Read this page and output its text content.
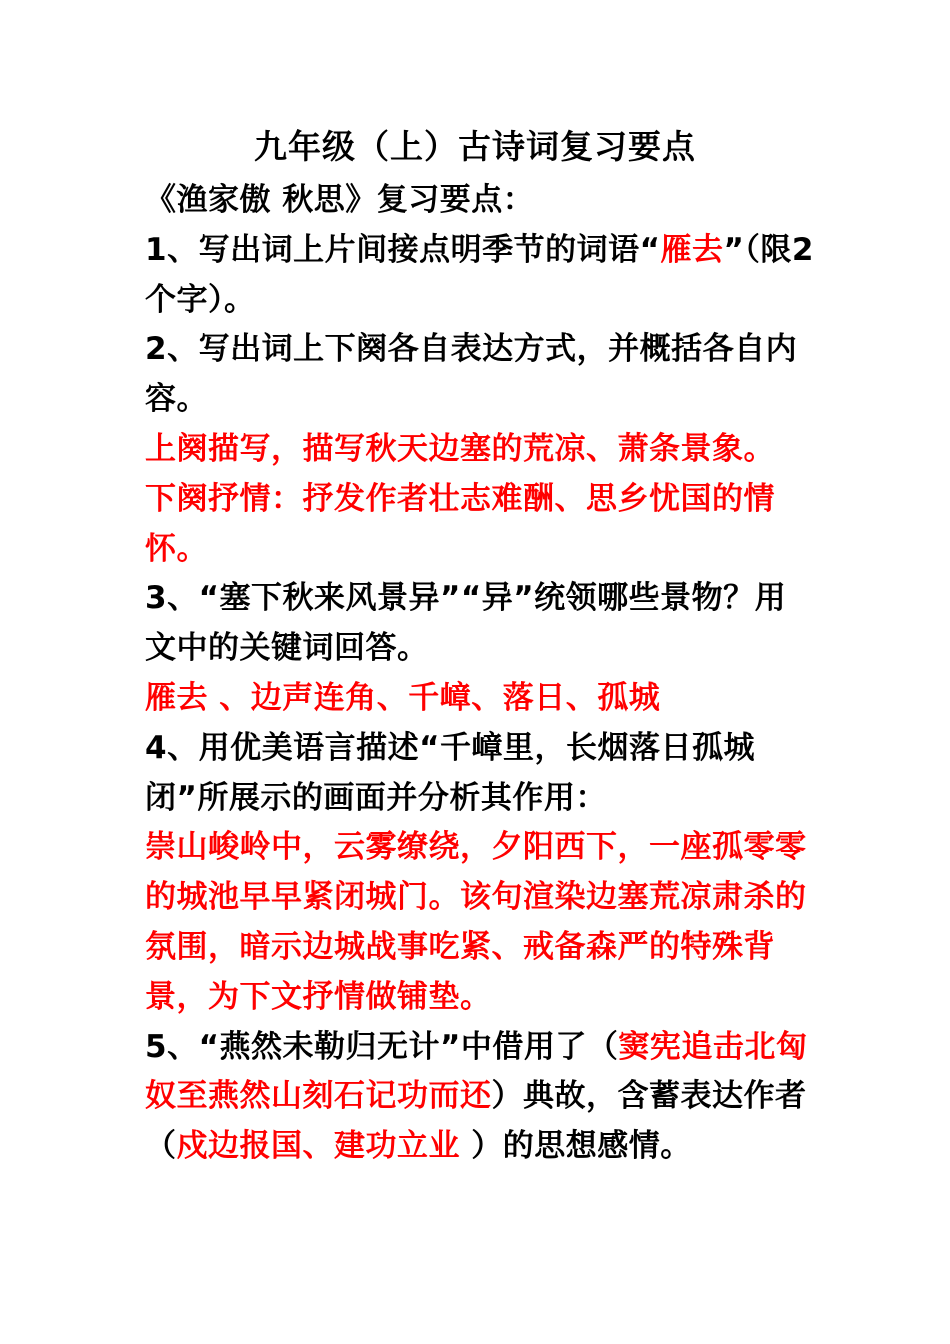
九年级（上）古诗词复习要点

《渔家傲 秋思》复习要点：

1、写出词上片间接点明季节的词语“雁去”（限2个字）。

2、写出词上下阕各自表达方式，并概括各自内容。

上阕描写，描写秋天边塞的荒凉、萧条景象。

下阕抒情：抒发作者壮志难酬、思乡忧国的情怀。

3、“塞下秋来风景异”“异”统领哪些景物？用文中的关键词回答。

雁去 、边声连角、千嶂、落日、孤城

4、用优美语言描述“千嶂里，长烟落日孤城闭”所展示的画面并分析其作用：

崇山峻岭中，云雾缭绕，夕阳西下，一座孤零零的城池早早紧闭城门。该句渲染边塞荒凉肃杀的氛围，暗示边城战事吃紧、戒备森严的特殊背景，为下文抒情做铺垫。

5、“燕然未勒归无计”中借用了（窦宪追击北匈奴至燕然山刻石记功而还）典故，含蓄表达作者（戍边报国、建功立业 ）的思想感情。
